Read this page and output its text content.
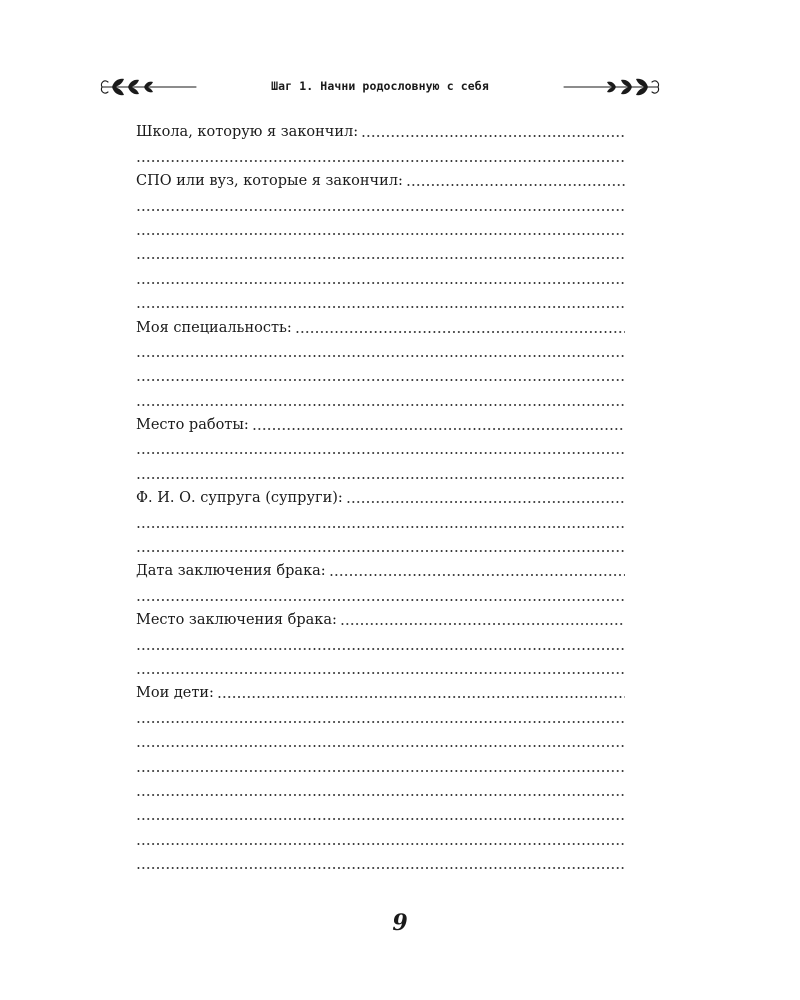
Шаг 1. Начни родословную с себя
Школа, которую я закончил:
СПО или вуз, которые я закончил:
Моя специальность:
Место работы:
Ф. И. О. супруга (супруги):
Дата заключения брака:
Место заключения брака:
Мои дети:
9
